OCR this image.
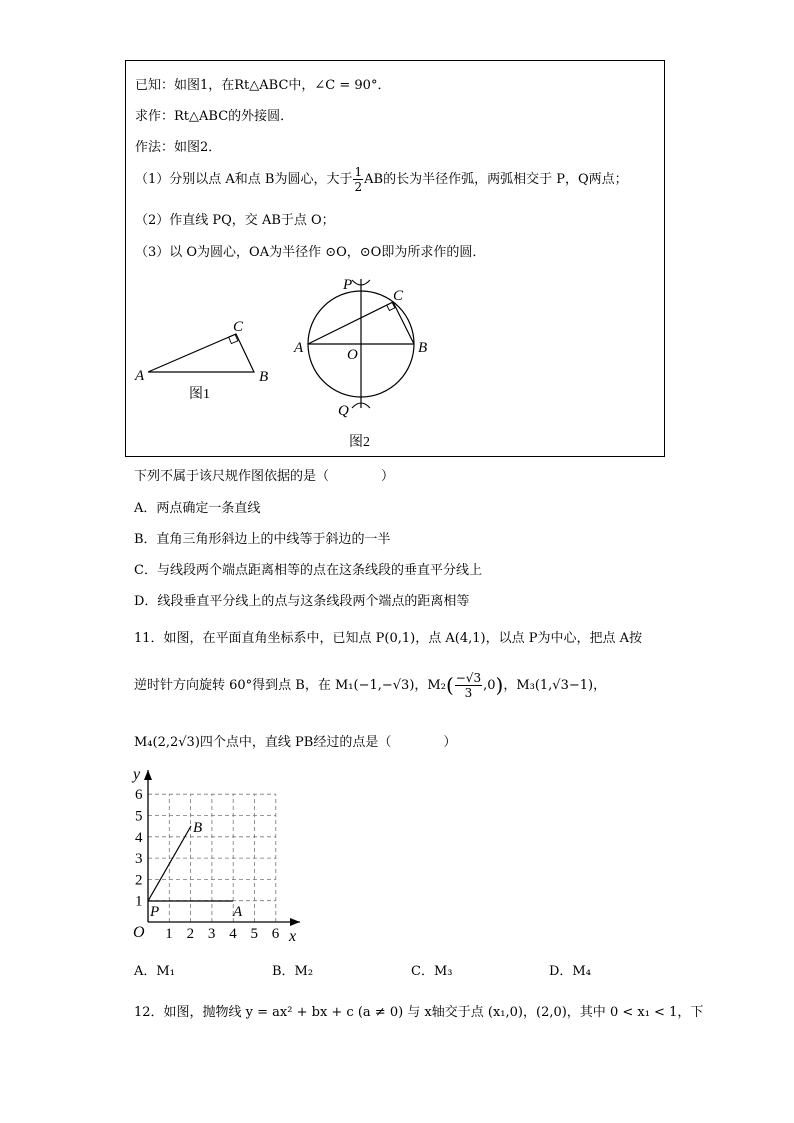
已知：如图1，在Rt△ABC中，∠C = 90°．
求作：Rt△ABC的外接圆．
作法：如图2．
（1）分别以点 A和点 B为圆心，大于 $\frac{1}{2}$ AB的长为半径作弧，两弧相交于 P，Q两点；
（2）作直线 PQ，交 AB于点 O；
（3）以 O为圆心，OA为半径作 ⊙O，⊙O即为所求作的圆．
A	B
C
图1
P
C
A	O	B
Q
图2
下列不属于该尺规作图依据的是（　　　　）
A．两点确定一条直线
B．直角三角形斜边上的中线等于斜边的一半
C．与线段两个端点距离相等的点在这条线段的垂直平分线上
D．线段垂直平分线上的点与这条线段两个端点的距离相等
11．如图，在平面直角坐标系中，已知点 P(0,1)，点 A(4,1)，以点 P为中心，把点 A按
逆时针方向旋转 60°得到点 B，在 M₁(−1,−√3)，$M_2( \frac{-√3}{3} ,0)$，M₃(1,√3−1)，
M₄(2,2√3)四个点中，直线 PB经过的点是（　　　　）
1 2 3 4 5 6
1
2
3
4
5
6
O	x
y
P	A
B
A．M₁	B．M₂	C．M₃	D．M₄
12．如图，抛物线 y = ax² + bx + c (a ≠ 0) 与 x轴交于点 (x₁,0)，(2,0)，其中 0 < x₁ < 1，下
